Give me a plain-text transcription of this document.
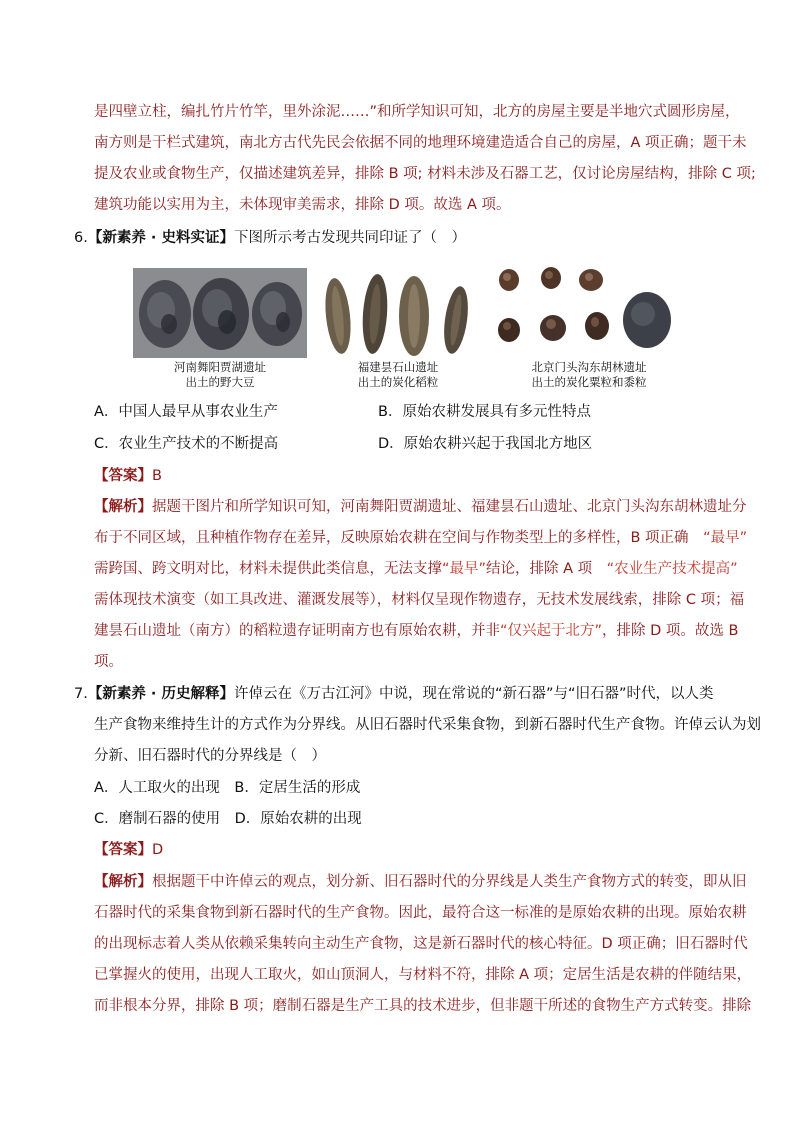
是四壁立柱，编扎竹片竹竿，里外涂泥……”和所学知识可知，北方的房屋主要是半地穴式圆形房屋，
南方则是干栏式建筑，南北方古代先民会依据不同的地理环境建造适合自己的房屋，A 项正确；题干未
提及农业或食物生产，仅描述建筑差异，排除 B 项; 材料未涉及石器工艺，仅讨论房屋结构，排除 C 项;
建筑功能以实用为主，未体现审美需求，排除 D 项。故选 A 项。
6.【新素养 · 史料实证】下图所示考古发现共同印证了（　）
河南舞阳贾湖遗址
出土的野大豆
福建昙石山遗址
出土的炭化稻粒
北京门头沟东胡林遗址
出土的炭化粟粒和黍粒
A．中国人最早从事农业生产	B．原始农耕发展具有多元性特点
C．农业生产技术的不断提高	D．原始农耕兴起于我国北方地区
【答案】B
【解析】据题干图片和所学知识可知，河南舞阳贾湖遗址、福建昙石山遗址、北京门头沟东胡林遗址分
布于不同区域，且种植作物存在差异，反映原始农耕在空间与作物类型上的多样性，B 项正确　 “最早”
需跨国、跨文明对比，材料未提供此类信息，无法支撑“最早”结论，排除 A 项　 “农业生产技术提高”
需体现技术演变（如工具改进、灌溉发展等），材料仅呈现作物遗存，无技术发展线索，排除 C 项；福
建昙石山遗址（南方）的稻粒遗存证明南方也有原始农耕，并非“仅兴起于北方”，排除 D 项。故选 B
项。
7.【新素养 · 历史解释】许倬云在《万古江河》中说，现在常说的“新石器”与“旧石器”时代，以人类
生产食物来维持生计的方式作为分界线。从旧石器时代采集食物，到新石器时代生产食物。许倬云认为划
分新、旧石器时代的分界线是（　）
A．人工取火的出现　B．定居生活的形成
C．磨制石器的使用　D．原始农耕的出现
【答案】D
【解析】根据题干中许倬云的观点，划分新、旧石器时代的分界线是人类生产食物方式的转变，即从旧
石器时代的采集食物到新石器时代的生产食物。因此，最符合这一标准的是原始农耕的出现。原始农耕
的出现标志着人类从依赖采集转向主动生产食物，这是新石器时代的核心特征。D 项正确；旧石器时代
已掌握火的使用，出现人工取火，如山顶洞人，与材料不符，排除 A 项；定居生活是农耕的伴随结果，
而非根本分界，排除 B 项；磨制石器是生产工具的技术进步，但非题干所述的食物生产方式转变。排除
